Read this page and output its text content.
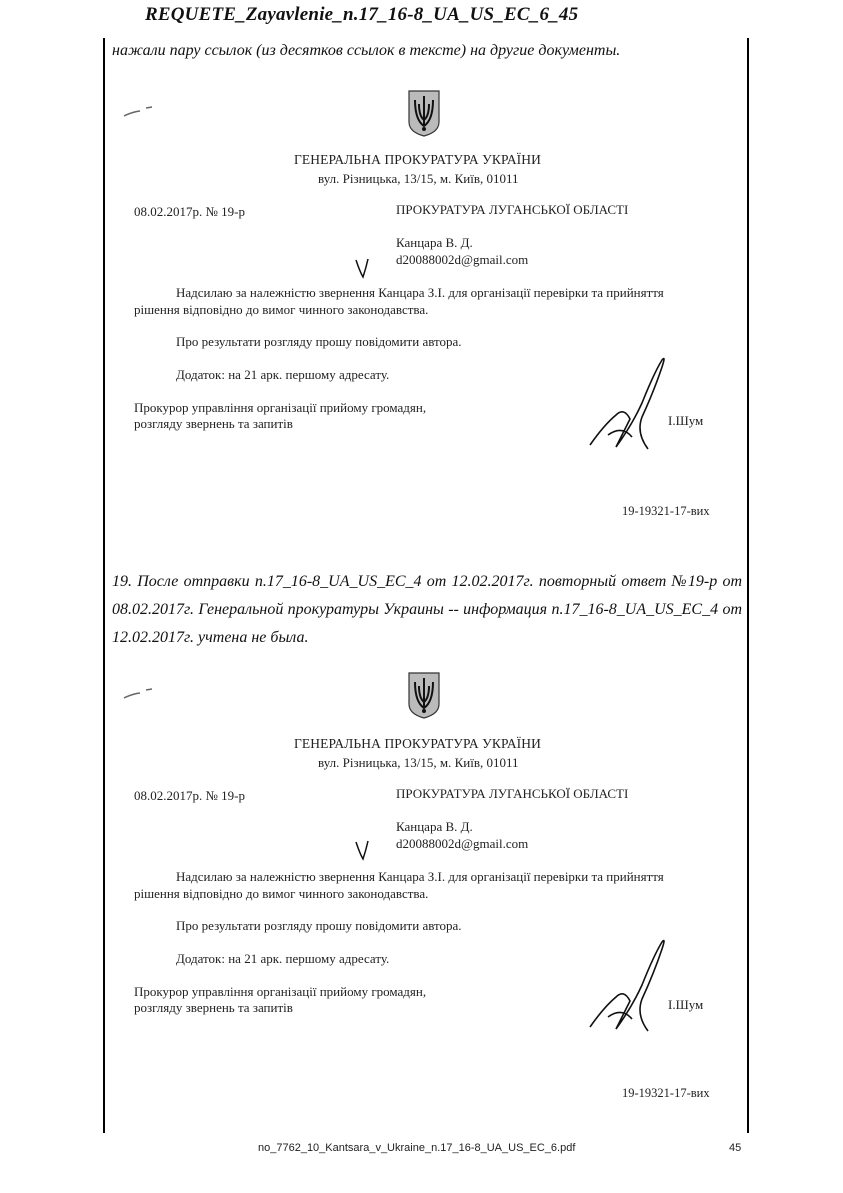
REQUETE_Zayavlenie_n.17_16-8_UA_US_EC_6_45
нажали пару ссылок (из десятков ссылок в тексте) на другие документы.
ГЕНЕРАЛЬНА ПРОКУРАТУРА УКРАЇНИ
вул. Різницька, 13/15, м. Київ, 01011
08.02.2017р. № 19-р	ПРОКУРАТУРА ЛУГАНСЬКОЇ ОБЛАСТІ
Канцара В. Д.
d20088002d@gmail.com
Надсилаю за належністю звернення Канцара З.І. для організації перевірки та прийняття
рішення відповідно до вимог чинного законодавства.
Про результати розгляду прошу повідомити автора.
Додаток: на 21 арк. першому адресату.
Прокурор управління організації прийому громадян,
розгляду звернень та запитів	І.Шум
19-19321-17-вих
19. После отправки n.17_16-8_UA_US_EC_4 от 12.02.2017г. повторный ответ №19-р от 08.02.2017г. Генеральной прокуратуры Украины -- информация n.17_16-8_UA_US_EC_4 от 12.02.2017г. учтена не была.
ГЕНЕРАЛЬНА ПРОКУРАТУРА УКРАЇНИ
вул. Різницька, 13/15, м. Київ, 01011
08.02.2017р. № 19-р	ПРОКУРАТУРА ЛУГАНСЬКОЇ ОБЛАСТІ
Канцара В. Д.
d20088002d@gmail.com
Надсилаю за належністю звернення Канцара З.І. для організації перевірки та прийняття
рішення відповідно до вимог чинного законодавства.
Про результати розгляду прошу повідомити автора.
Додаток: на 21 арк. першому адресату.
Прокурор управління організації прийому громадян,
розгляду звернень та запитів	І.Шум
19-19321-17-вих
no_7762_10_Kantsara_v_Ukraine_n.17_16-8_UA_US_EC_6.pdf	45
